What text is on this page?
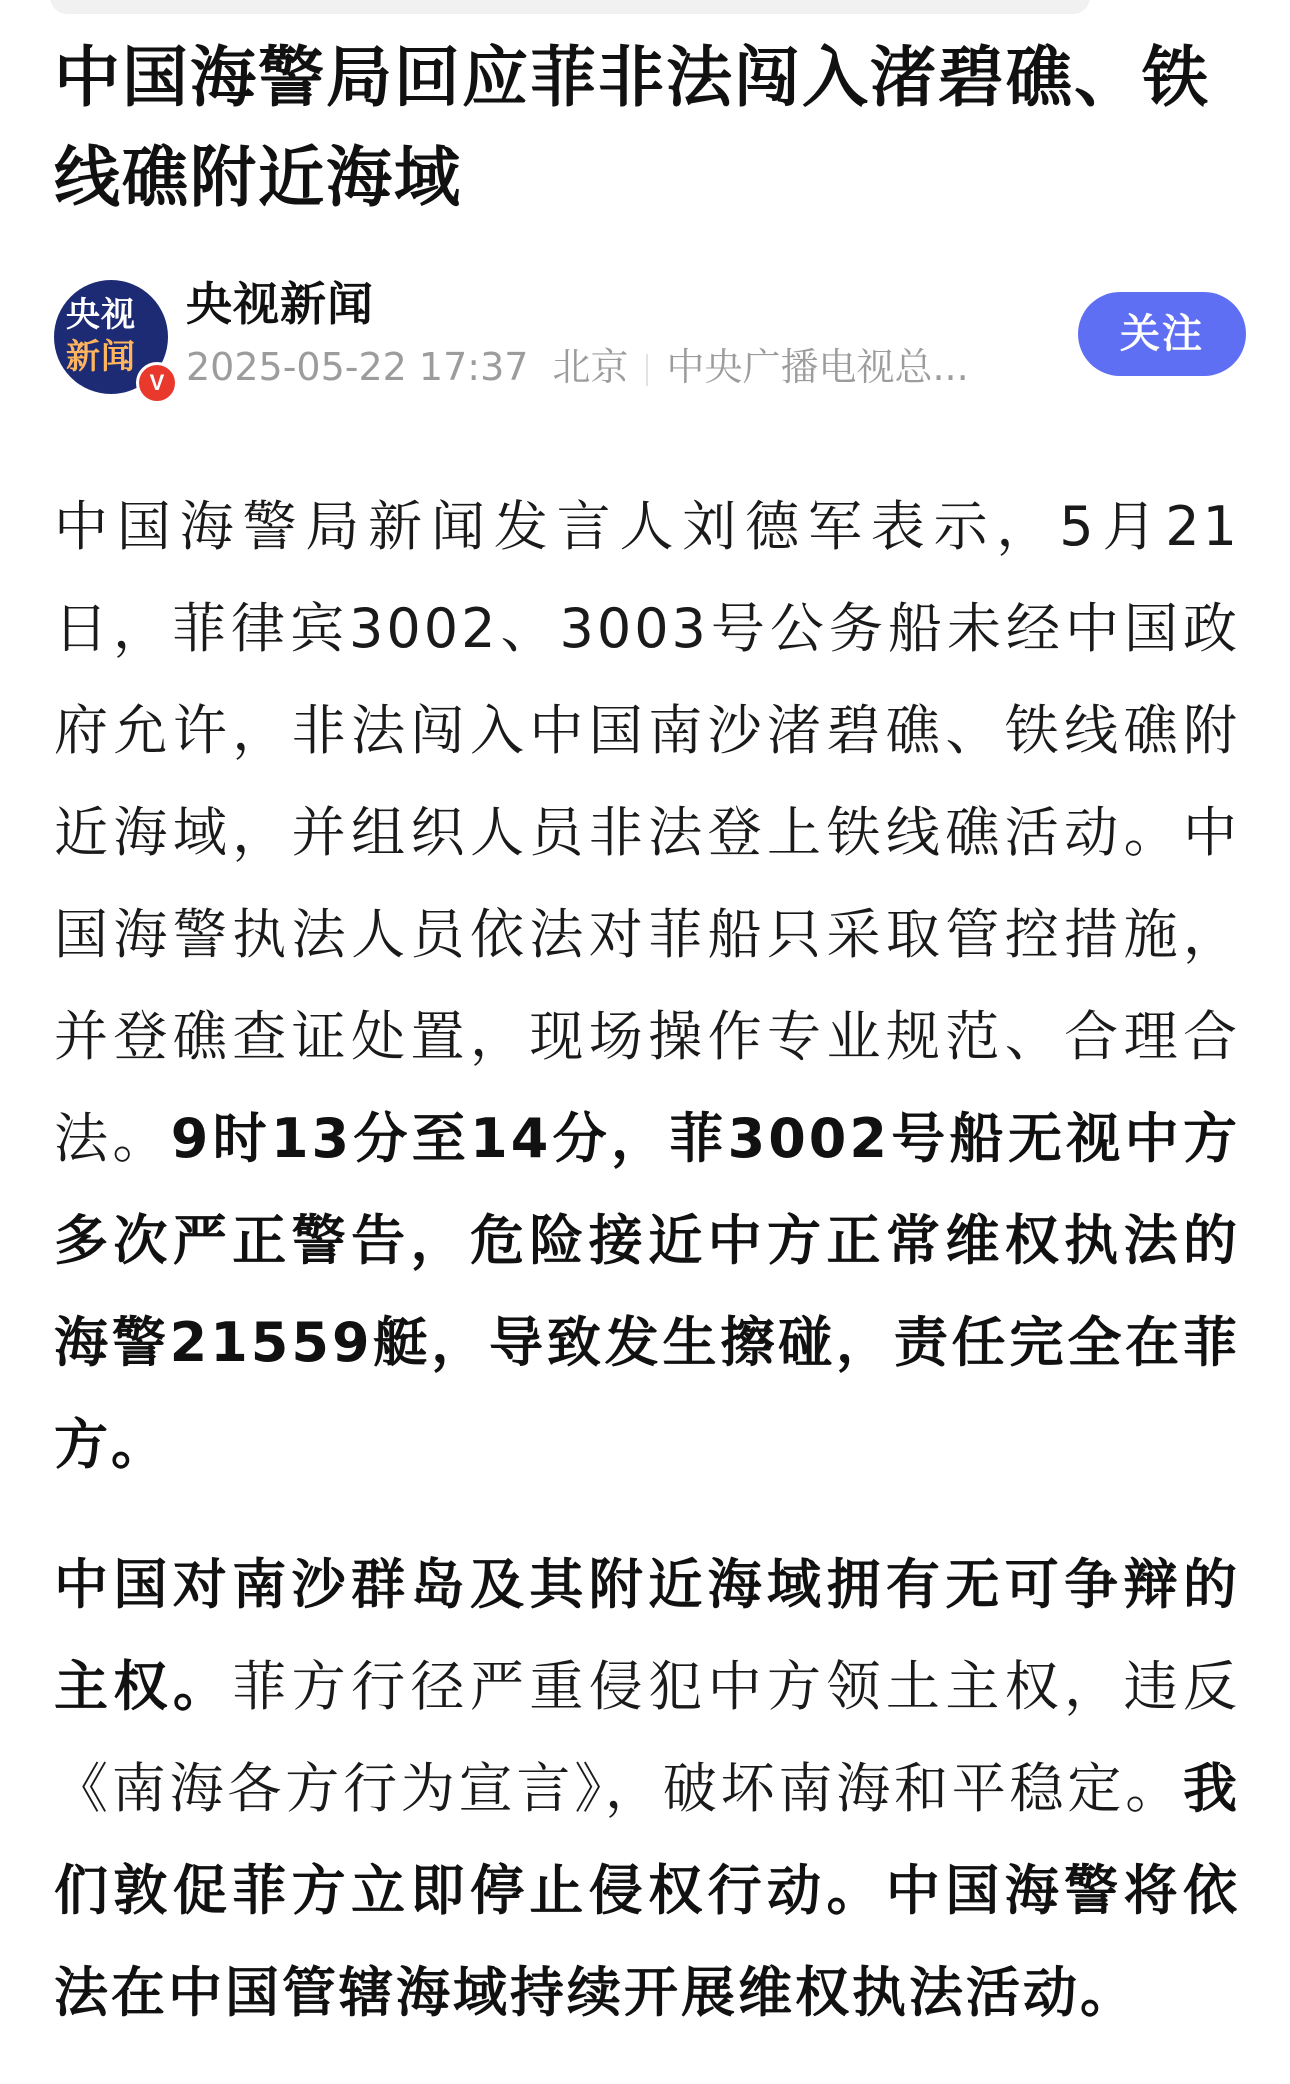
中国海警局回应菲非法闯入渚碧礁、铁线礁附近海域
央视
新闻
V
央视新闻
2025-05-22 17:37 北京 中央广播电视总...
关注

中国海警局新闻发言人刘德军表示，5月21日，菲律宾3002、3003号公务船未经中国政府允许，非法闯入中国南沙渚碧礁、铁线礁附近海域，并组织人员非法登上铁线礁活动。中国海警执法人员依法对菲船只采取管控措施，并登礁查证处置，现场操作专业规范、合理合法。9时13分至14分，菲3002号船无视中方多次严正警告，危险接近中方正常维权执法的海警21559艇，导致发生擦碰，责任完全在菲方。

中国对南沙群岛及其附近海域拥有无可争辩的主权。菲方行径严重侵犯中方领土主权，违反《南海各方行为宣言》，破坏南海和平稳定。我们敦促菲方立即停止侵权行动。中国海警将依法在中国管辖海域持续开展维权执法活动。
